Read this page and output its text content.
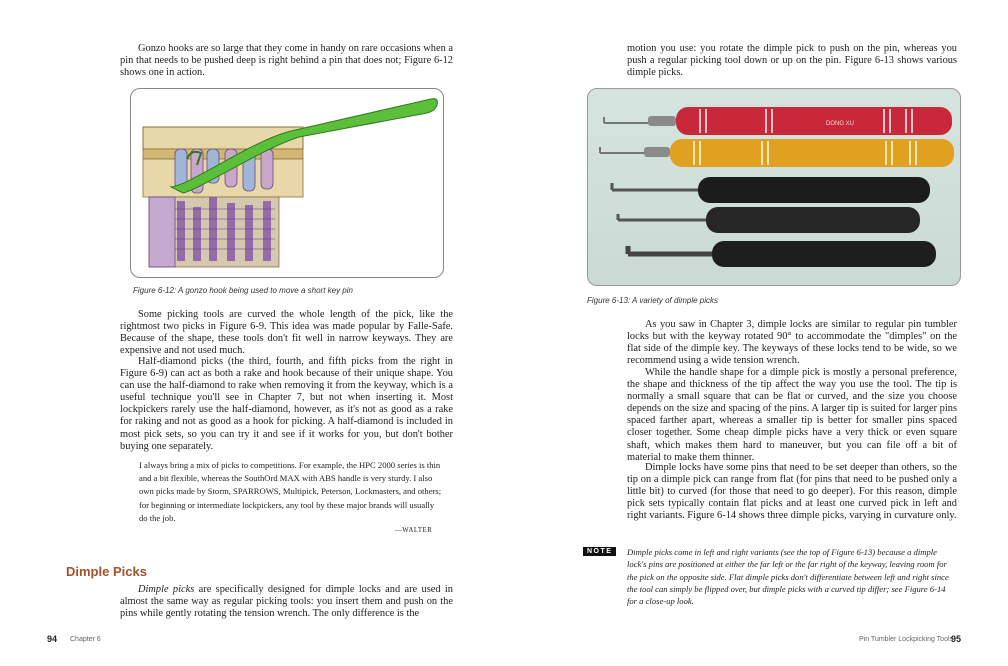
Gonzo hooks are so large that they come in handy on rare occasions when a pin that needs to be pushed deep is right behind a pin that does not; Figure 6-12 shows one in action.

Figure 6-12: A gonzo hook being used to move a short key pin

Some picking tools are curved the whole length of the pick, like the rightmost two picks in Figure 6-9. This idea was made popular by Falle-Safe. Because of the shape, these tools don't fit well in narrow keyways. They are expensive and not used much.

Half-diamond picks (the third, fourth, and fifth picks from the right in Figure 6-9) can act as both a rake and hook because of their unique shape. You can use the half-diamond to rake when removing it from the keyway, which is a useful technique you'll see in Chapter 7, but not when inserting it. Most lockpickers rarely use the half-diamond, however, as it's not as good as a rake for raking and not as good as a hook for picking. A half-diamond is included in most pick sets, so you can try it and see if it works for you, but don't bother buying one separately.

I always bring a mix of picks to competitions. For example, the HPC 2000 series is thin and a bit flexible, whereas the SouthOrd MAX with ABS handle is very sturdy. I also own picks made by Storm, SPARROWS, Multipick, Peterson, Lockmasters, and others; for beginning or intermediate lockpickers, any tool by these major brands will usually do the job.

—WALTER
Dimple Picks

Dimple picks are specifically designed for dimple locks and are used in almost the same way as regular picking tools: you insert them and push on the pins while gently rotating the tension wrench. The only difference is the

94 Chapter 6

motion you use: you rotate the dimple pick to push on the pin, whereas you push a regular picking tool down or up on the pin. Figure 6-13 shows various dimple picks.

DONG XU

Figure 6-13: A variety of dimple picks

As you saw in Chapter 3, dimple locks are similar to regular pin tumbler locks but with the keyway rotated 90° to accommodate the "dimples" on the flat side of the dimple key. The keyways of these locks tend to be wide, so we recommend using a wide tension wrench.

While the handle shape for a dimple pick is mostly a personal preference, the shape and thickness of the tip affect the way you use the tool. The tip is normally a small square that can be flat or curved, and the size you choose depends on the size and spacing of the pins. A larger tip is suited for larger pins spaced farther apart, whereas a smaller tip is better for smaller pins spaced closer together. Some cheap dimple picks have a very thick or even square shaft, which makes them hard to maneuver, but you can file off a bit of material to make them thinner.

Dimple locks have some pins that need to be set deeper than others, so the tip on a dimple pick can range from flat (for pins that need to be pushed only a little bit) to curved (for those that need to go deeper). For this reason, dimple pick sets typically contain flat picks and at least one curved pick in left and right variants. Figure 6-14 shows three dimple picks, varying in curvature only.

NOTE	Dimple picks come in left and right variants (see the top of Figure 6-13) because a dimple lock's pins are positioned at either the far left or the far right of the keyway, leaving room for the pick on the opposite side. Flat dimple picks don't differentiate between left and right since the tool can simply be flipped over, but dimple picks with a curved tip differ; see Figure 6-14 for a close-up look.

Pin Tumbler Lockpicking Tools
95
